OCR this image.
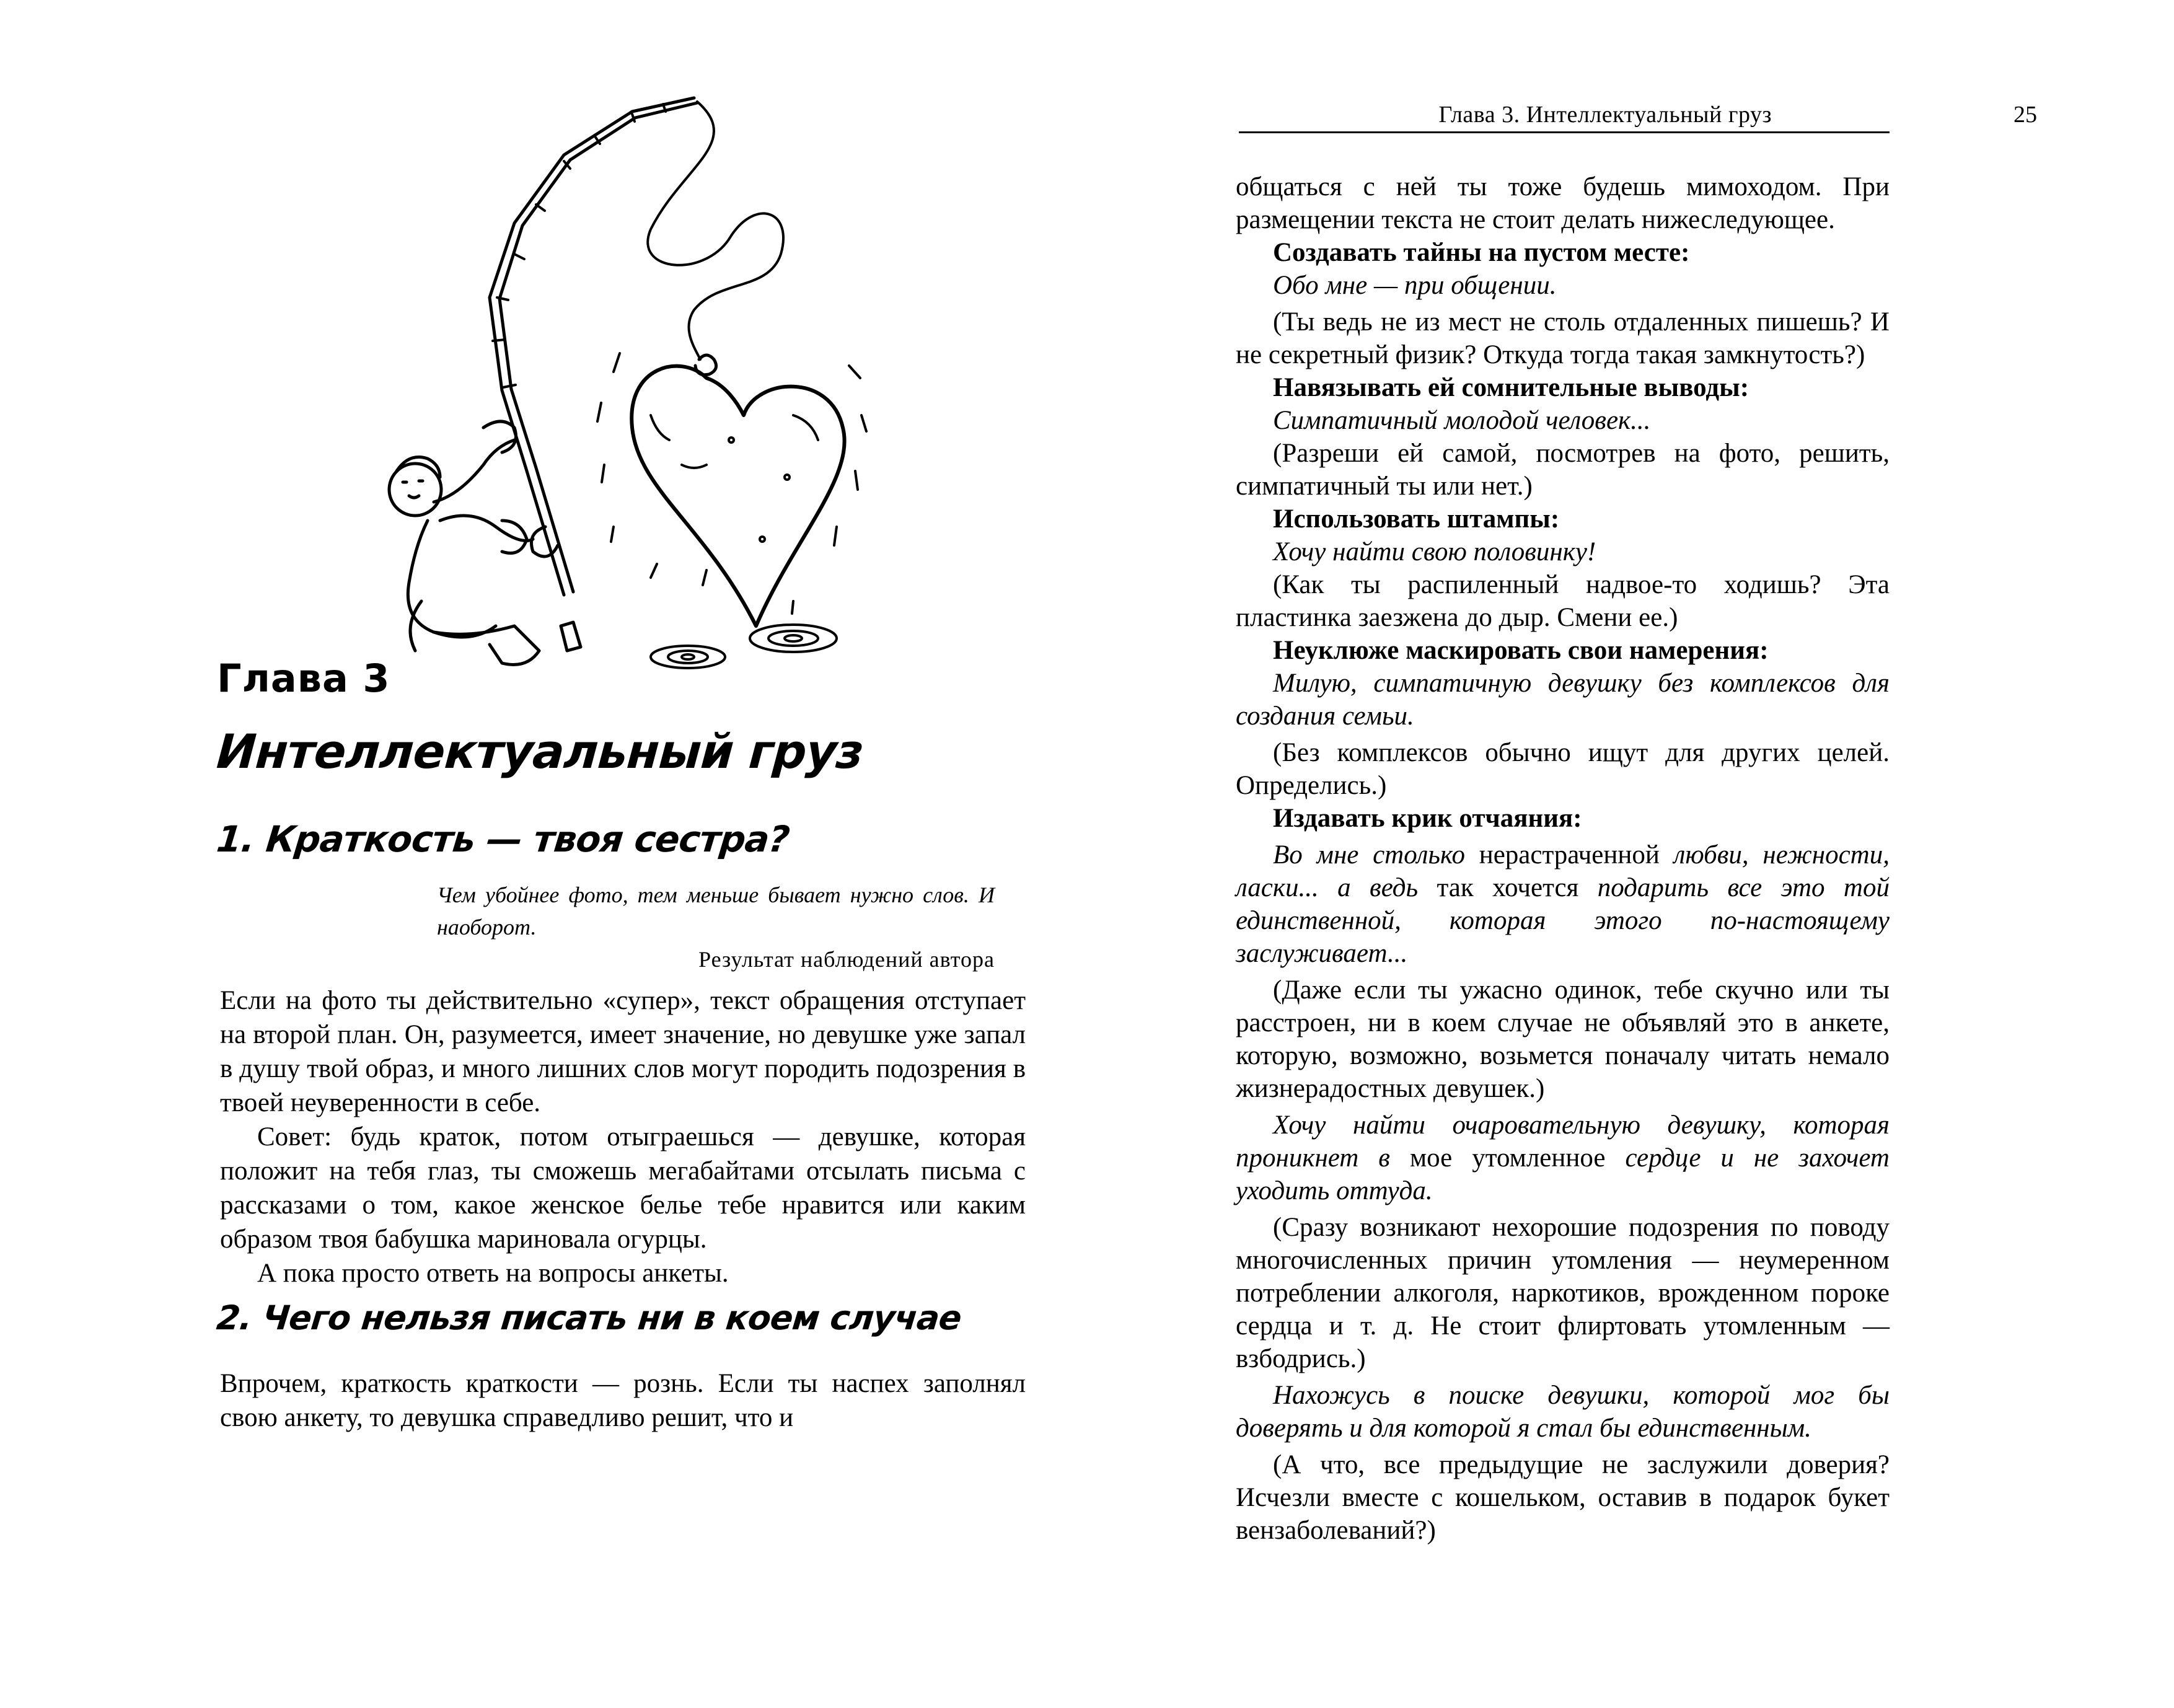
Глава 3
Интеллектуальный груз
1. Краткость — твоя сестра?

Чем убойнее фото, тем меньше бывает нужно слов. И наоборот.

Результат наблюдений автора

Если на фото ты действительно «супер», текст обращения отступает на второй план. Он, разумеется, имеет значение, но девушке уже запал в душу твой образ, и много лишних слов могут породить подозрения в твоей неуверенности в себе.

Совет: будь краток, потом отыграешься — девушке, которая положит на тебя глаз, ты сможешь мегабайтами отсылать письма с рассказами о том, какое женское белье тебе нравится или каким образом твоя бабушка мариновала огурцы.

А пока просто ответь на вопросы анкеты.

2. Чего нельзя писать ни в коем случае

Впрочем, краткость краткости — рознь. Если ты наспех заполнял свою анкету, то девушка справедливо решит, что и

Глава 3. Интеллектуальный груз	25

общаться с ней ты тоже будешь мимоходом. При размещении текста не стоит делать нижеследующее.

Создавать тайны на пустом месте:

Обо мне — при общении.

(Ты ведь не из мест не столь отдаленных пишешь? И не секретный физик? Откуда тогда такая замкнутость?)

Навязывать ей сомнительные выводы:

Симпатичный молодой человек...

(Разреши ей самой, посмотрев на фото, решить, симпатичный ты или нет.)

Использовать штампы:

Хочу найти свою половинку!

(Как ты распиленный надвое-то ходишь? Эта пластинка заезжена до дыр. Смени ее.)

Неуклюже маскировать свои намерения:

Милую, симпатичную девушку без комплексов для создания семьи.

(Без комплексов обычно ищут для других целей. Определись.)

Издавать крик отчаяния:

Во мне столько нерастраченной любви, нежности, ласки... а ведь так хочется подарить все это той единственной, которая этого по-настоящему заслуживает...

(Даже если ты ужасно одинок, тебе скучно или ты расстроен, ни в коем случае не объявляй это в анкете, которую, возможно, возьмется поначалу читать немало жизнерадостных девушек.)

Хочу найти очаровательную девушку, которая проникнет в мое утомленное сердце и не захочет уходить оттуда.

(Сразу возникают нехорошие подозрения по поводу многочисленных причин утомления — неумеренном потреблении алкоголя, наркотиков, врожденном пороке сердца и т. д. Не стоит флиртовать утомленным — взбодрись.)

Нахожусь в поиске девушки, которой мог бы доверять и для которой я стал бы единственным.

(А что, все предыдущие не заслужили доверия? Исчезли вместе с кошельком, оставив в подарок букет вензаболеваний?)
